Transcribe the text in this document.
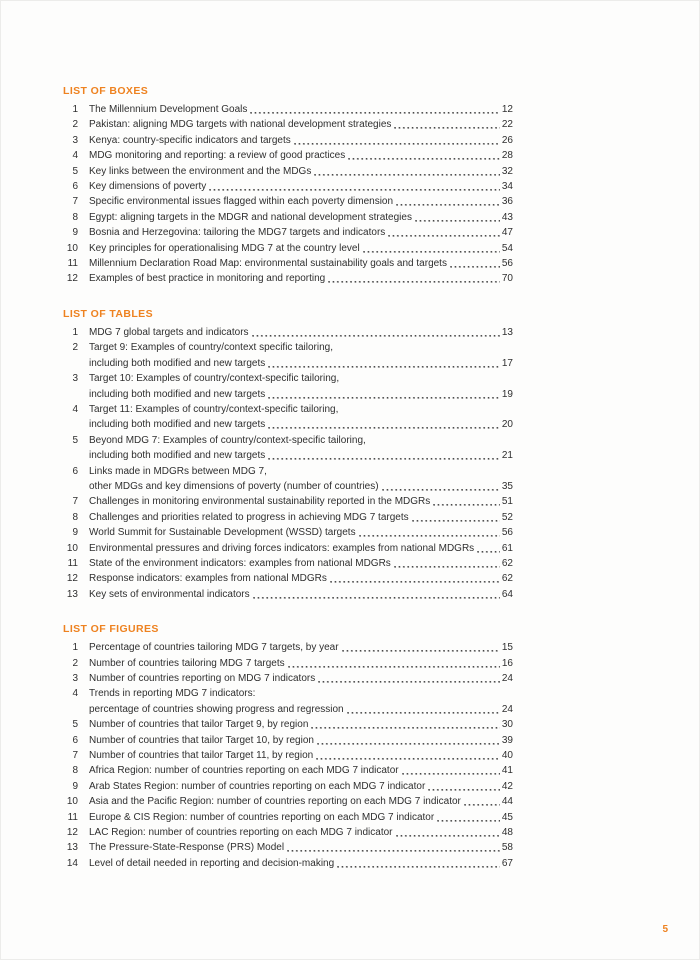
LIST OF BOXES
1 The Millennium Development Goals	12
2 Pakistan: aligning MDG targets with national development strategies	22
3 Kenya: country-specific indicators and targets	26
4 MDG monitoring and reporting: a review of good practices	28
5 Key links between the environment and the MDGs	32
6 Key dimensions of poverty	34
7 Specific environmental issues flagged within each poverty dimension	36
8 Egypt: aligning targets in the MDGR and national development strategies	43
9 Bosnia and Herzegovina: tailoring the MDG7 targets and indicators	47
10 Key principles for operationalising MDG 7 at the country level	54
11 Millennium Declaration Road Map: environmental sustainability goals and targets	56
12 Examples of best practice in monitoring and reporting	70
LIST OF TABLES
1 MDG 7 global targets and indicators	13
2 Target 9: Examples of country/context specific tailoring,
including both modified and new targets	17
3 Target 10: Examples of country/context-specific tailoring,
including both modified and new targets	19
4 Target 11: Examples of country/context-specific tailoring,
including both modified and new targets	20
5 Beyond MDG 7: Examples of country/context-specific tailoring,
including both modified and new targets	21
6 Links made in MDGRs between MDG 7,
other MDGs and key dimensions of poverty (number of countries)	35
7 Challenges in monitoring environmental sustainability reported in the MDGRs	51
8 Challenges and priorities related to progress in achieving MDG 7 targets	52
9 World Summit for Sustainable Development (WSSD) targets	56
10 Environmental pressures and driving forces indicators: examples from national MDGRs	61
11 State of the environment indicators: examples from national MDGRs	62
12 Response indicators: examples from national MDGRs	62
13 Key sets of environmental indicators	64
LIST OF FIGURES
1 Percentage of countries tailoring MDG 7 targets, by year	15
2 Number of countries tailoring MDG 7 targets	16
3 Number of countries reporting on MDG 7 indicators	24
4 Trends in reporting MDG 7 indicators:
percentage of countries showing progress and regression	24
5 Number of countries that tailor Target 9, by region	30
6 Number of countries that tailor Target 10, by region	39
7 Number of countries that tailor Target 11, by region	40
8 Africa Region: number of countries reporting on each MDG 7 indicator	41
9 Arab States Region: number of countries reporting on each MDG 7 indicator	42
10 Asia and the Pacific Region: number of countries reporting on each MDG 7 indicator	44
11 Europe & CIS Region: number of countries reporting on each MDG 7 indicator	45
12 LAC Region: number of countries reporting on each MDG 7 indicator	48
13 The Pressure-State-Response (PRS) Model	58
14 Level of detail needed in reporting and decision-making	67
5
